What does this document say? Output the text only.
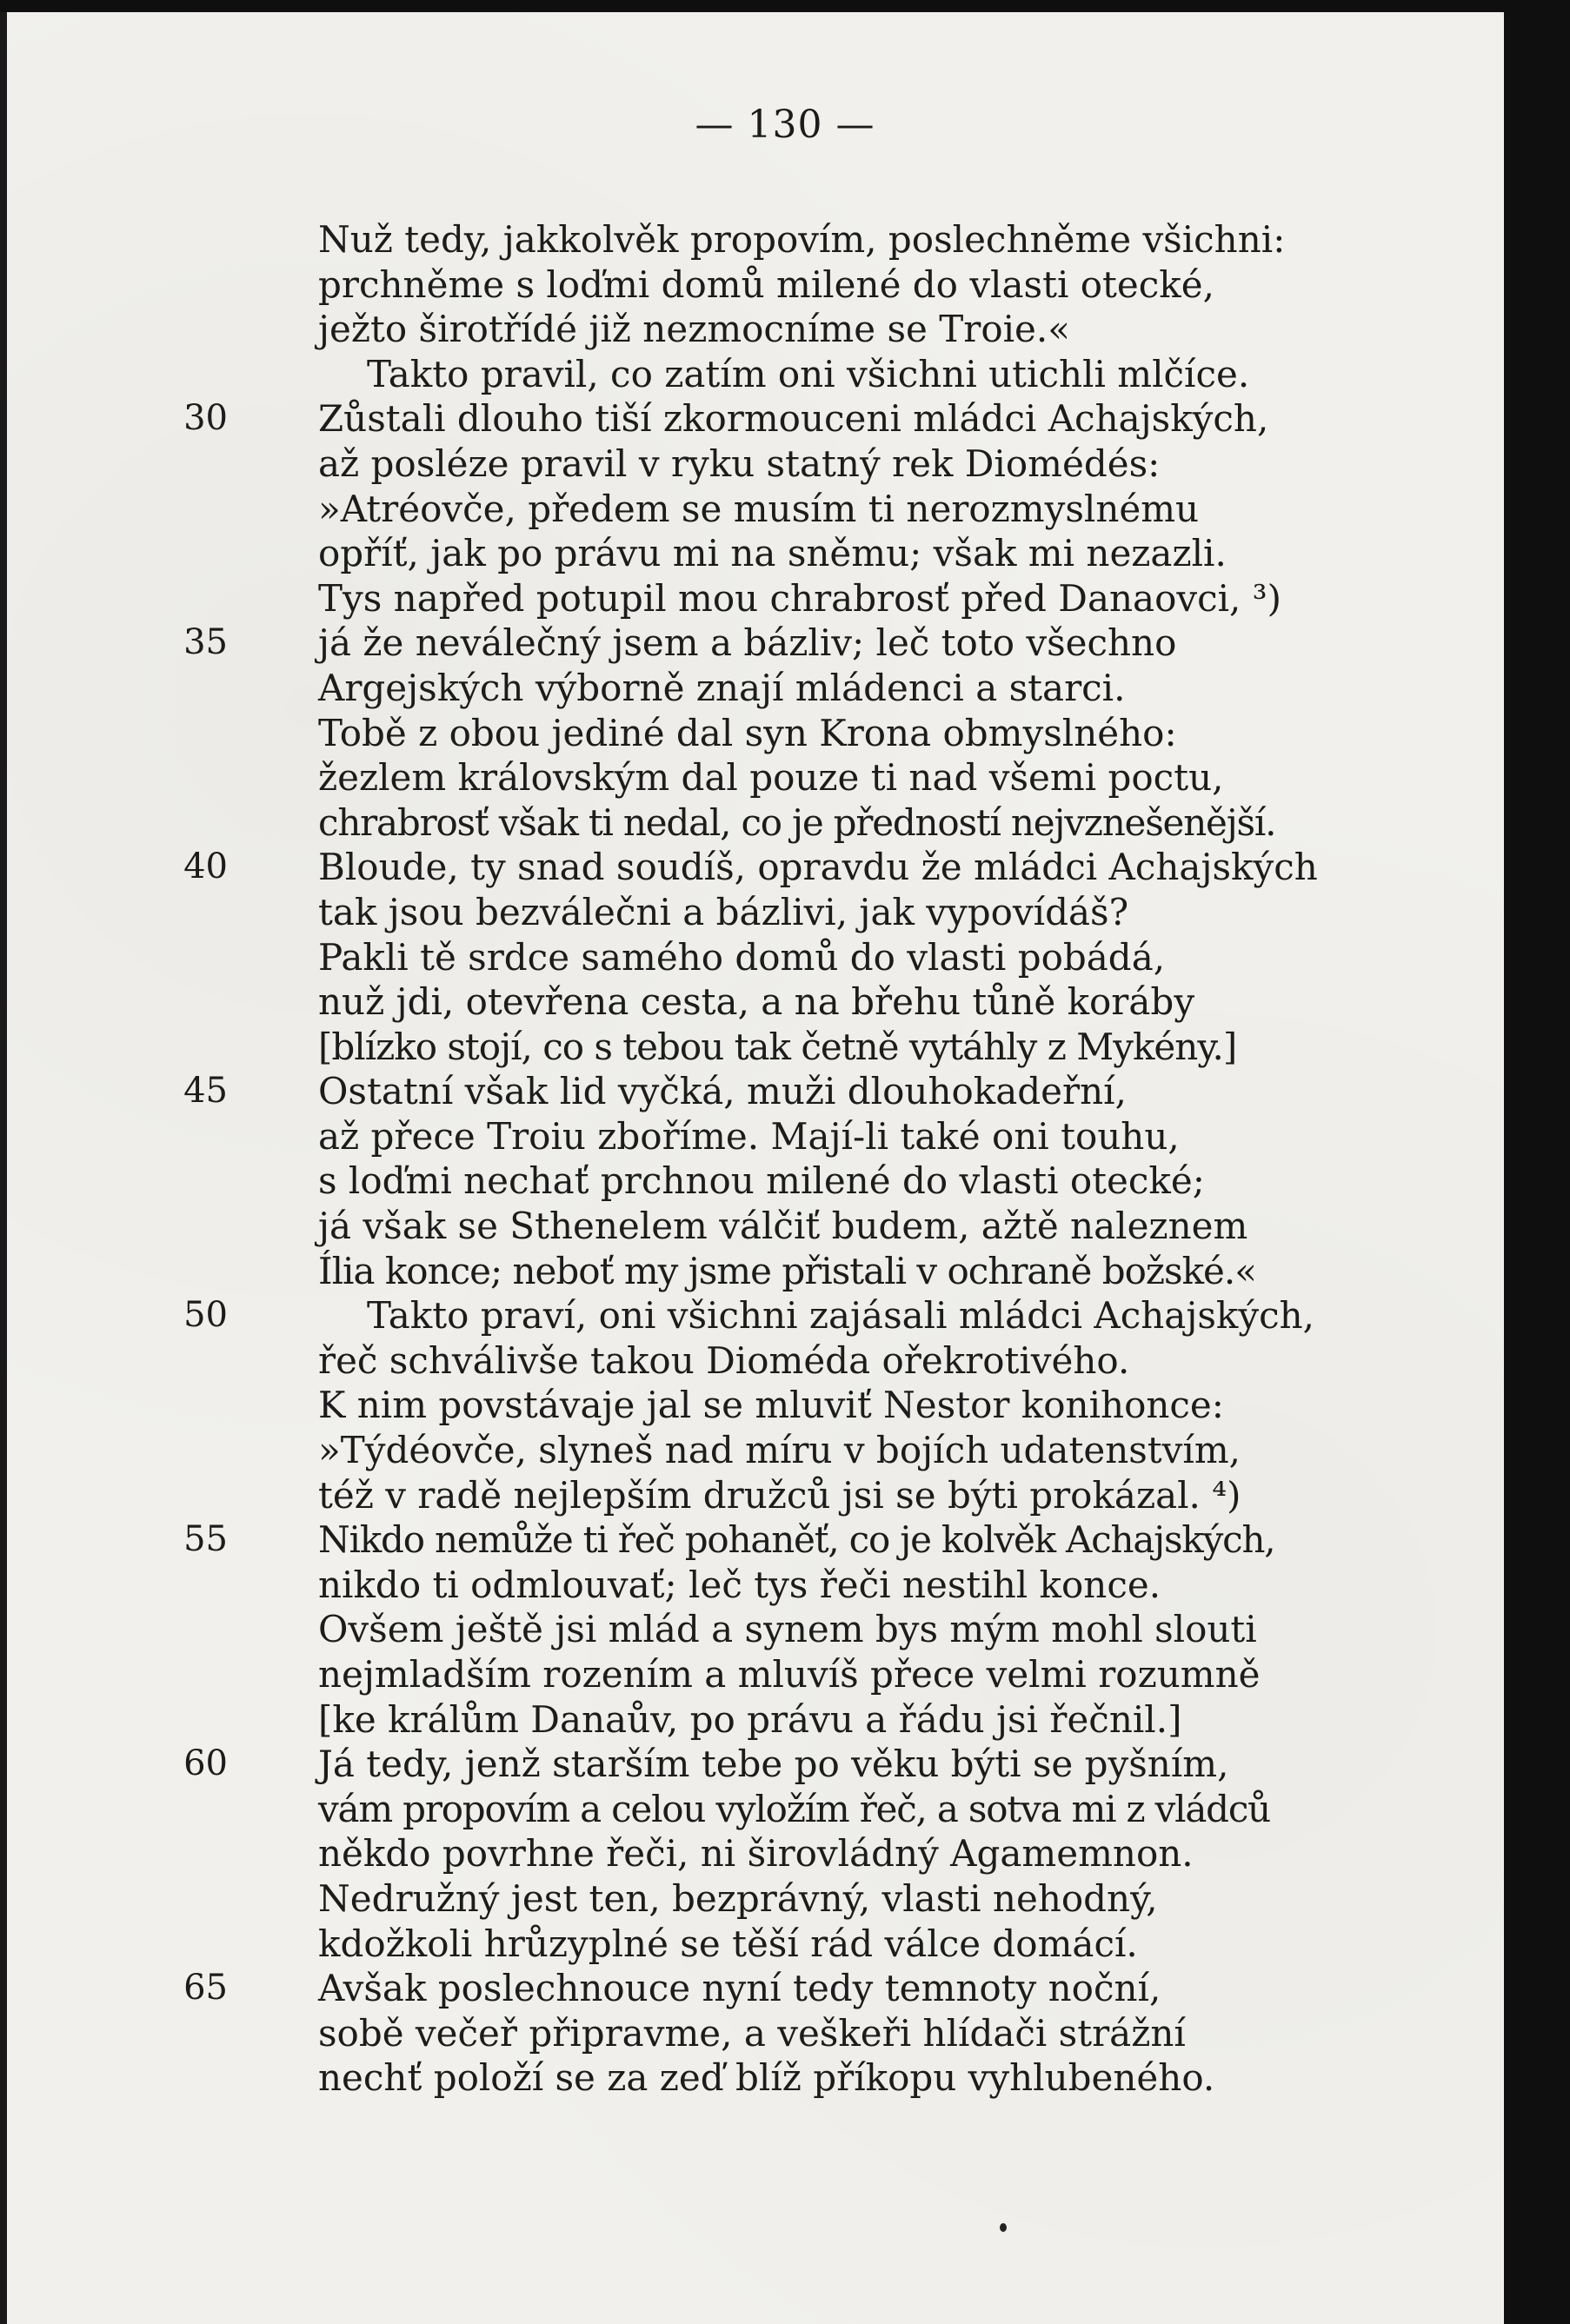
— 130 —
Nuž tedy, jakkolvěk propovím, poslechněme všichni:
prchněme s loďmi domů milené do vlasti otecké,
ježto širotřídé již nezmocníme se Troie.«
Takto pravil, co zatím oni všichni utichli mlčíce.
30 Zůstali dlouho tiší zkormouceni mládci Achajských,
až posléze pravil v ryku statný rek Diomédés:
»Atréovče, předem se musím ti nerozmyslnému
opříť, jak po právu mi na sněmu; však mi nezazli.
Tys napřed potupil mou chrabrosť před Danaovci, ³)
35 já že neválečný jsem a bázliv; leč toto všechno
Argejských výborně znají mládenci a starci.
Tobě z obou jediné dal syn Krona obmyslného:
žezlem královským dal pouze ti nad všemi poctu,
chrabrosť však ti nedal, co je předností nejvznešenější.
40 Bloude, ty snad soudíš, opravdu že mládci Achajských
tak jsou bezválečni a bázlivi, jak vypovídáš?
Pakli tě srdce samého domů do vlasti pobádá,
nuž jdi, otevřena cesta, a na břehu tůně koráby
[blízko stojí, co s tebou tak četně vytáhly z Mykény.]
45 Ostatní však lid vyčká, muži dlouhokadeřní,
až přece Troiu zboříme. Mají-li také oni touhu,
s loďmi nechať prchnou milené do vlasti otecké;
já však se Sthenelem válčiť budem, ažtě naleznem
Ília konce; neboť my jsme přistali v ochraně božské.«
50	Takto praví, oni všichni zajásali mládci Achajských,
řeč schválivše takou Dioméda ořekrotivého.
K nim povstávaje jal se mluviť Nestor konihonce:
»Týdéovče, slyneš nad míru v bojích udatenstvím,
též v radě nejlepším družců jsi se býti prokázal. ⁴)
55 Nikdo nemůže ti řeč pohaněť, co je kolvěk Achajských,
nikdo ti odmlouvať; leč tys řeči nestihl konce.
Ovšem ještě jsi mlád a synem bys mým mohl slouti
nejmladším rozením a mluvíš přece velmi rozumně
[ke králům Danaův, po právu a řádu jsi řečnil.]
60 Já tedy, jenž starším tebe po věku býti se pyšním,
vám propovím a celou vyložím řeč, a sotva mi z vládců
někdo povrhne řeči, ni širovládný Agamemnon.
Nedružný jest ten, bezprávný, vlasti nehodný,
kdožkoli hrůzyplné se těší rád válce domácí.
65 Avšak poslechnouce nyní tedy temnoty noční,
sobě večeř připravme, a veškeři hlídači strážní
nechť položí se za zeď blíž příkopu vyhlubeného.
